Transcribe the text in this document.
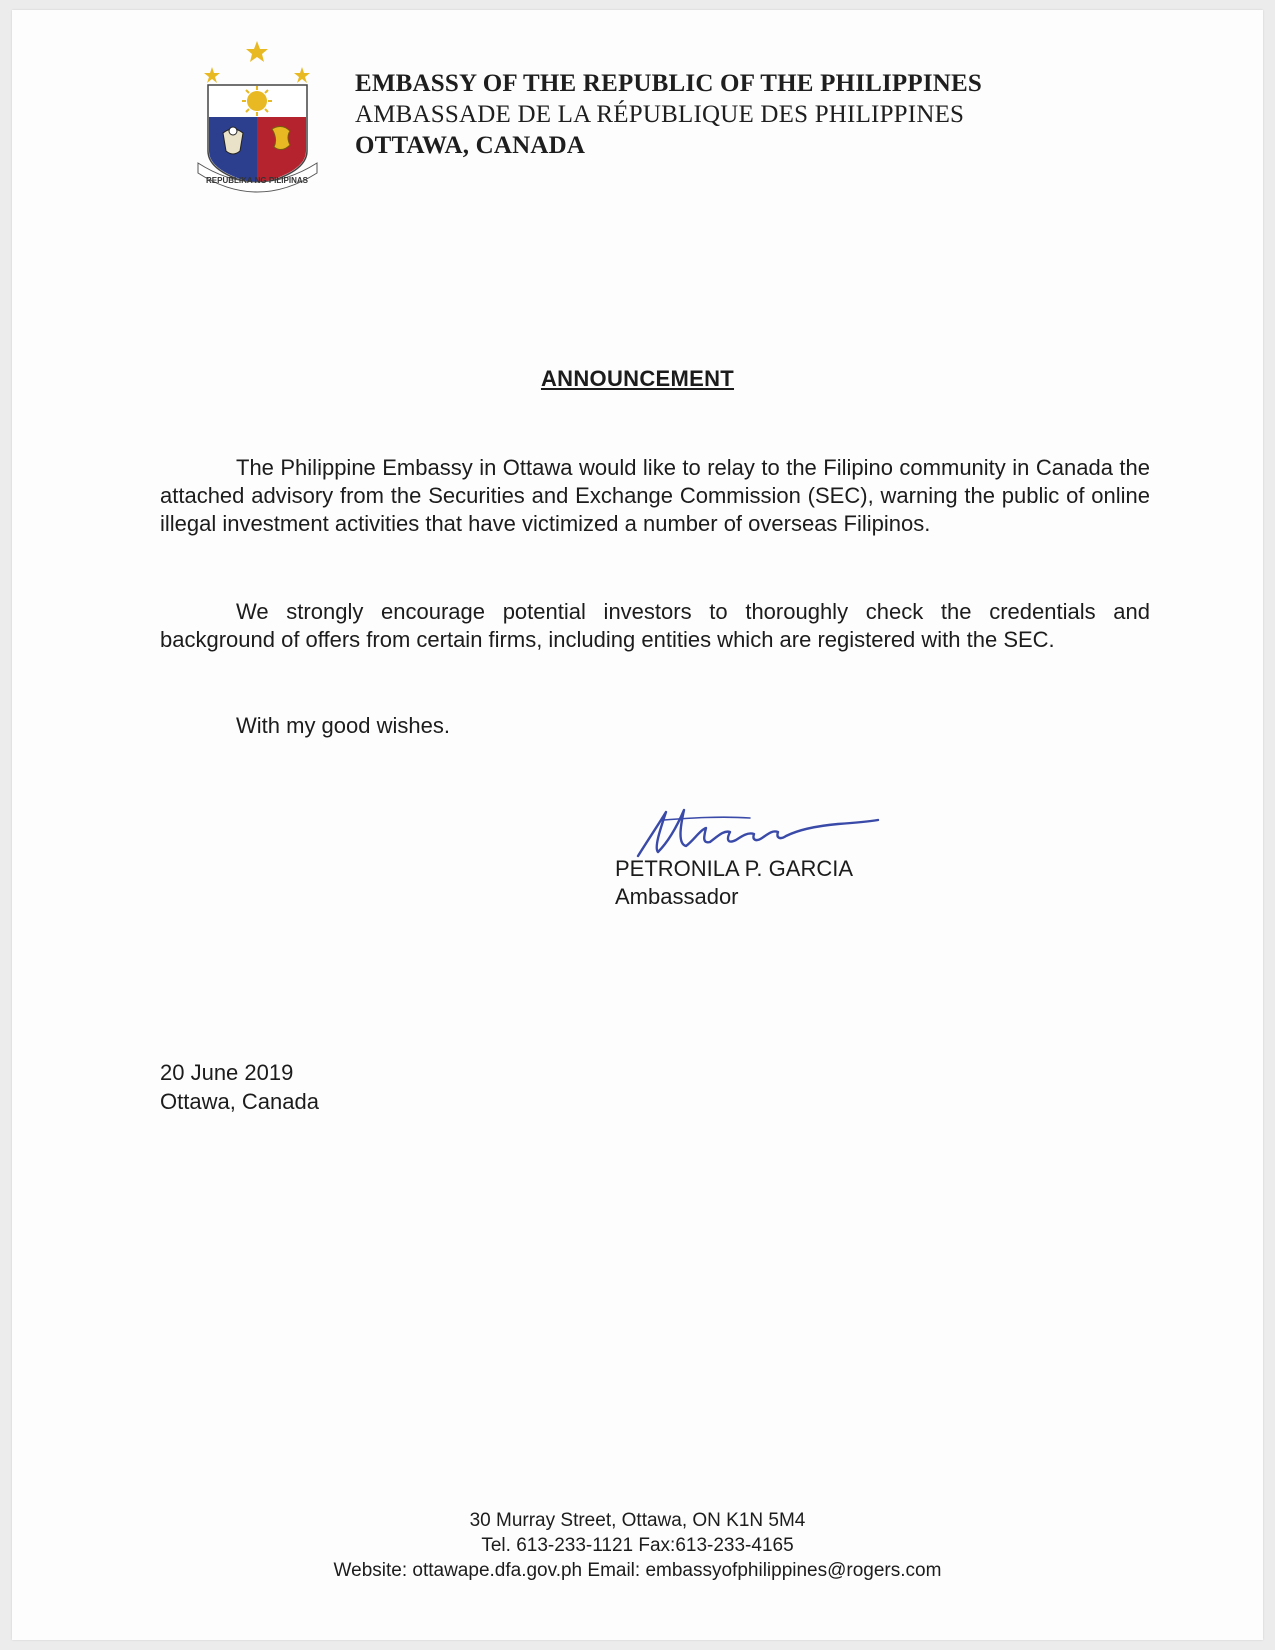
REPUBLIKA NG PILIPINAS
EMBASSY OF THE REPUBLIC OF THE PHILIPPINES
AMBASSADE DE LA RÉPUBLIQUE DES PHILIPPINES
OTTAWA, CANADA
ANNOUNCEMENT
The Philippine Embassy in Ottawa would like to relay to the Filipino community in Canada the attached advisory from the Securities and Exchange Commission (SEC), warning the public of online illegal investment activities that have victimized a number of overseas Filipinos.
We strongly encourage potential investors to thoroughly check the credentials and background of offers from certain firms, including entities which are registered with the SEC.
With my good wishes.
PETRONILA P. GARCIA
Ambassador
20 June 2019
Ottawa, Canada
30 Murray Street, Ottawa, ON K1N 5M4
Tel. 613-233-1121 Fax:613-233-4165
Website: ottawape.dfa.gov.ph Email: embassyofphilippines@rogers.com
